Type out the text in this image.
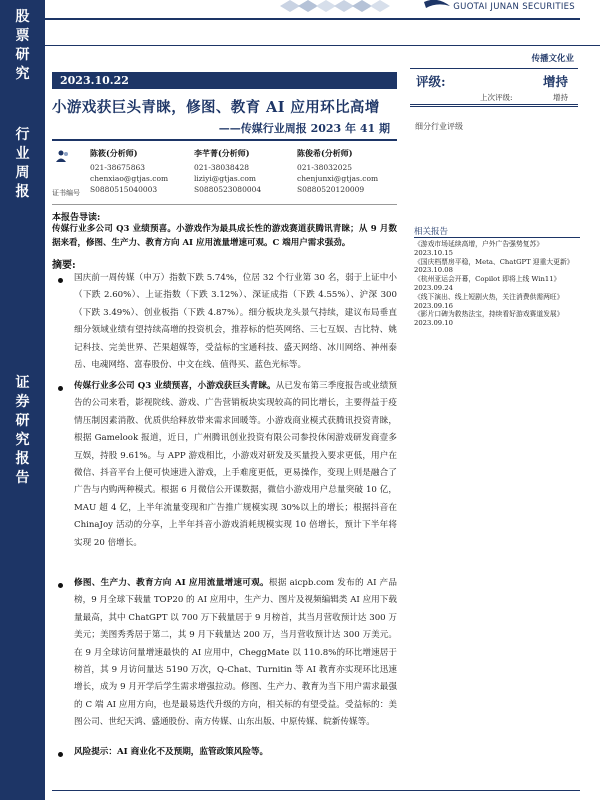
股
票
研
究
行
业
周
报
证
券
研
究
报
告
GUOTAI JUNAN SECURITIES
传播文化业
2023.10.22
小游戏获巨头青睐，修图、教育 AI 应用环比高增
——传媒行业周报 2023 年 41 期
评级:	增持
上次评级:	增持
细分行业评级
证书编号
陈筱(分析师)
021-38675863
chenxiao@gtjas.com
S0880515040003
李芊菁(分析师)
021-38038428
liziyi@gtjas.com
S0880523080004
陈俊希(分析师)
021-38032025
chenjunxi@gtjas.com
S0880520120009
本报告导读:
传媒行业多公司 Q3 业绩预喜。小游戏作为最具成长性的游戏赛道获腾讯青睐；从 9 月数据来看，修图、生产力、教育方向 AI 应用流量增速可观。C 端用户需求强劲。
摘要:
国庆前一周传媒（申万）指数下跌 5.74%，位居 32 个行业第 30 名，弱于上证中小（下跌 2.60%）、上证指数（下跌 3.12%）、深证成指（下跌 4.55%）、沪深 300（下跌 3.49%）、创业板指（下跌 4.87%）。细分板块龙头景气持续，建议布局垂直细分领域业绩有望持续高增的投资机会，推荐标的恺英网络、三七互娱、吉比特、姚记科技、完美世界、芒果超媒等，受益标的宝通科技、盛天网络、冰川网络、神州泰岳、电魂网络、富春股份、中文在线、值得买、蓝色光标等。
传媒行业多公司 Q3 业绩预喜，小游戏获巨头青睐。从已发布第三季度报告或业绩预告的公司来看，影视院线、游戏、广告营销板块实现较高的同比增长，主要得益于疫情压制因素消散、优质供给释放带来需求回暖等。小游戏商业模式获腾讯投资青睐，根据 Gamelook 报道，近日，广州腾讯创业投资有限公司参投休闲游戏研发商壹多互娱，持股 9.61%。与 APP 游戏相比，小游戏对研发及买量投入要求更低，用户在微信、抖音平台上便可快速进入游戏，上手难度更低，更易操作，变现上则是融合了广告与内购两种模式。根据 6 月微信公开课数据，微信小游戏用户总量突破 10 亿，MAU 超 4 亿，上半年流量变现和广告推广规模实现 30%以上的增长；根据抖音在 ChinaJoy 活动的分享，上半年抖音小游戏消耗规模实现 10 倍增长，预计下半年将实现 20 倍增长。
修图、生产力、教育方向 AI 应用流量增速可观。根据 aicpb.com 发布的 AI 产品榜，9 月全球下载量 TOP20 的 AI 应用中，生产力、图片及视频编辑类 AI 应用下载量最高，其中 ChatGPT 以 700 万下载量居于 9 月榜首，其当月营收预计达 300 万美元；美图秀秀居于第二，其 9 月下载量达 200 万，当月营收预计达 300 万美元。在 9 月全球访问量增速最快的 AI 应用中，CheggMate 以 110.8%的环比增速居于榜首，其 9 月访问量达 5190 万次，Q-Chat、Turnitin 等 AI 教育亦实现环比迅速增长，成为 9 月开学后学生需求增强拉动。修图、生产力、教育为当下用户需求最强的 C 端 AI 应用方向，也是最易迭代升级的方向，相关标的有望受益。受益标的：美图公司、世纪天鸿、盛通股份、南方传媒、山东出版、中原传媒、皖新传媒等。
风险提示：AI 商业化不及预期，监管政策风险等。
相关报告
《游戏市场延续高增，户外广告强势复苏》2023.10.15
《国庆档票房平稳，Meta、ChatGPT 迎重大更新》2023.10.08
《杭州亚运会开幕，Copilot 即将上线 Win11》2023.09.24
《线下演出、线上短剧火热，关注消费供需两旺》2023.09.16
《影片口碑为救热法宝，持续看好游戏赛道发展》2023.09.10
